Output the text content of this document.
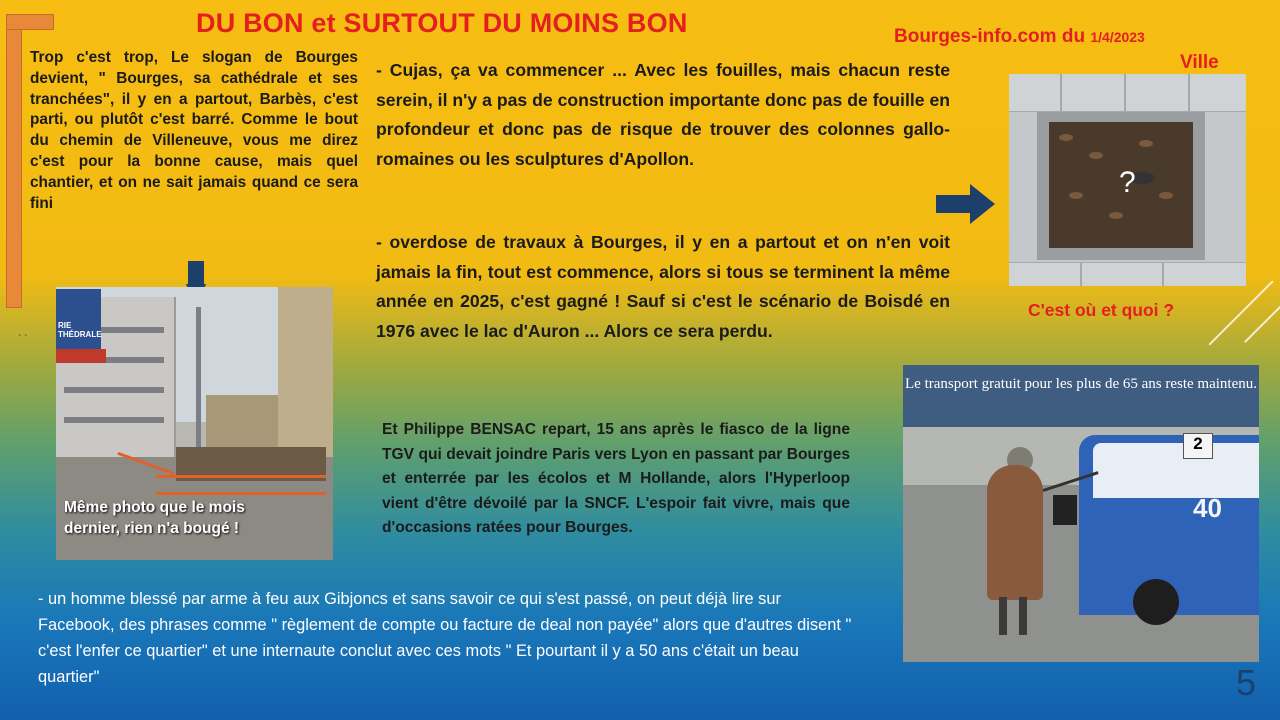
- -
DU BON et SURTOUT DU MOINS BON	Bourges-info.com du 1/4/2023
Ville
Trop c'est trop, Le slogan de Bourges devient, " Bourges, sa cathédrale et ses tranchées", il y en a partout, Barbès, c'est parti, ou plutôt c'est barré. Comme le bout du chemin de Villeneuve, vous me direz c'est pour la bonne cause, mais quel chantier, et on ne sait jamais quand ce sera fini
- Cujas, ça va commencer ... Avec les fouilles, mais chacun reste serein, il n'y a pas de construction importante donc pas de fouille en profondeur et donc pas de risque de trouver des colonnes gallo- romaines ou les sculptures d'Apollon.
- overdose de travaux à Bourges, il y en a partout et on n'en voit jamais la fin, tout est commence, alors si tous se terminent la même année en 2025, c'est gagné ! Sauf si c'est le scénario de Boisdé en 1976 avec le lac d'Auron ... Alors ce sera perdu.
Et Philippe BENSAC repart, 15 ans après le fiasco de la ligne TGV qui devait joindre Paris vers Lyon en passant par Bourges et enterrée par les écolos et M Hollande, alors l'Hyperloop vient d'être dévoilé par la SNCF. L'espoir fait vivre, mais que d'occasions ratées pour Bourges.
- un homme blessé par arme à feu aux Gibjoncs et sans savoir ce qui s'est passé, on peut déjà lire sur Facebook, des phrases comme " règlement de compte ou facture de deal non payée" alors que d'autres disent " c'est l'enfer ce quartier" et une internaute conclut avec ces mots " Et pourtant il y a 50 ans c'était un beau quartier"
RIE
THÉDRALE
Même photo que le mois dernier, rien n'a bougé !
?
C'est où et quoi ?
2
40
Le transport gratuit pour les plus de 65 ans reste maintenu.
5
